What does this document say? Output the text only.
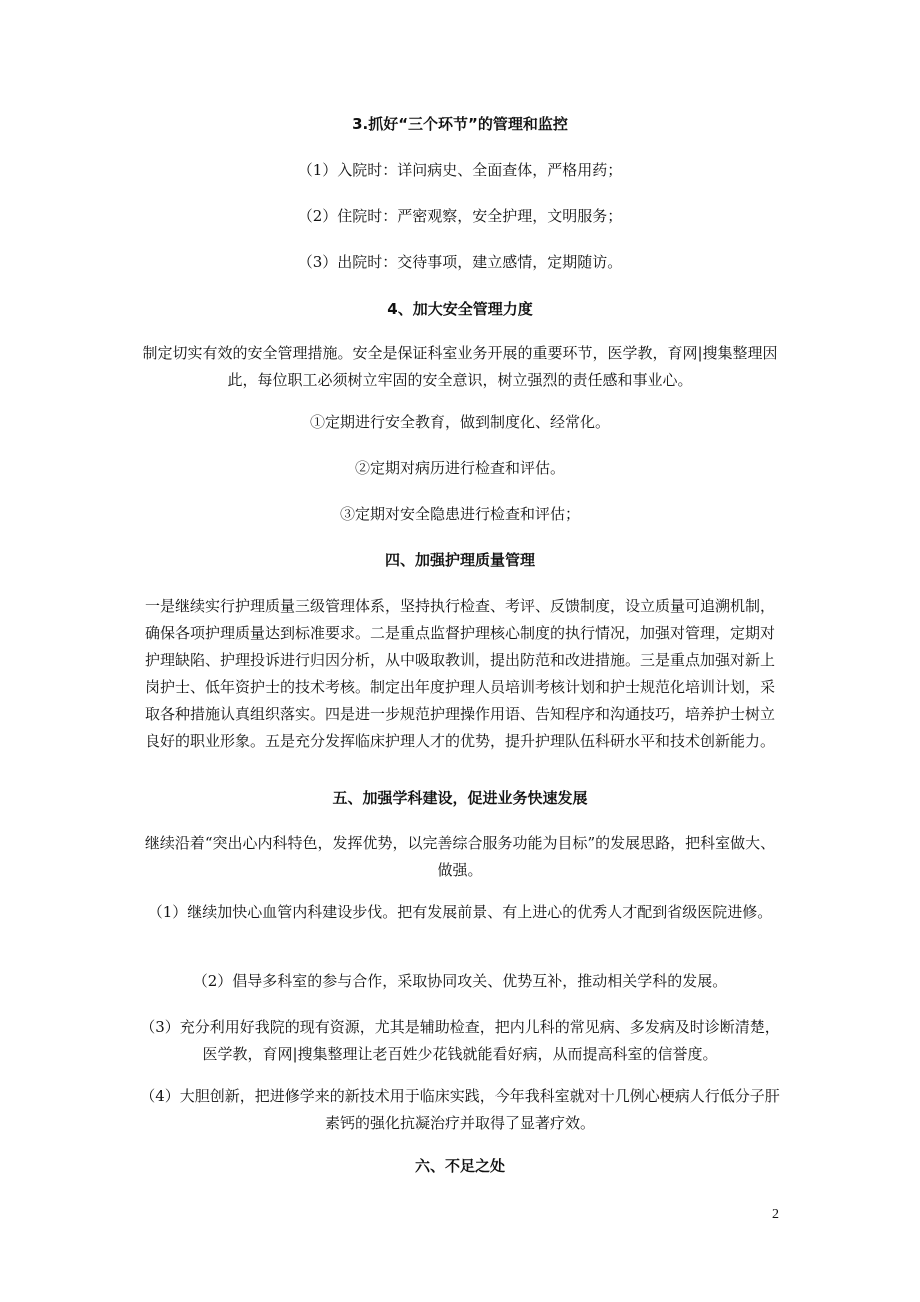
3.抓好“三个环节”的管理和监控

（1）入院时：详问病史、全面查体，严格用药；

（2）住院时：严密观察，安全护理，文明服务；

（3）出院时：交待事项，建立感情，定期随访。

4、加大安全管理力度

制定切实有效的安全管理措施。安全是保证科室业务开展的重要环节，医学教，育网|搜集整理因此，每位职工必须树立牢固的安全意识，树立强烈的责任感和事业心。

①定期进行安全教育，做到制度化、经常化。

②定期对病历进行检查和评估。

③定期对安全隐患进行检查和评估；

四、加强护理质量管理

一是继续实行护理质量三级管理体系，坚持执行检查、考评、反馈制度，设立质量可追溯机制，确保各项护理质量达到标准要求。二是重点监督护理核心制度的执行情况，加强对管理，定期对护理缺陷、护理投诉进行归因分析，从中吸取教训，提出防范和改进措施。三是重点加强对新上岗护士、低年资护士的技术考核。制定出年度护理人员培训考核计划和护士规范化培训计划，采取各种措施认真组织落实。四是进一步规范护理操作用语、告知程序和沟通技巧，培养护士树立良好的职业形象。五是充分发挥临床护理人才的优势，提升护理队伍科研水平和技术创新能力。

五、加强学科建设，促进业务快速发展

继续沿着“突出心内科特色，发挥优势，以完善综合服务功能为目标”的发展思路，把科室做大、做强。

（1）继续加快心血管内科建设步伐。把有发展前景、有上进心的优秀人才配到省级医院进修。

（2）倡导多科室的参与合作，采取协同攻关、优势互补，推动相关学科的发展。

（3）充分利用好我院的现有资源，尤其是辅助检查，把内儿科的常见病、多发病及时诊断清楚，医学教，育网|搜集整理让老百姓少花钱就能看好病，从而提高科室的信誉度。

（4）大胆创新，把进修学来的新技术用于临床实践，今年我科室就对十几例心梗病人行低分子肝素钙的强化抗凝治疗并取得了显著疗效。

六、不足之处

2
